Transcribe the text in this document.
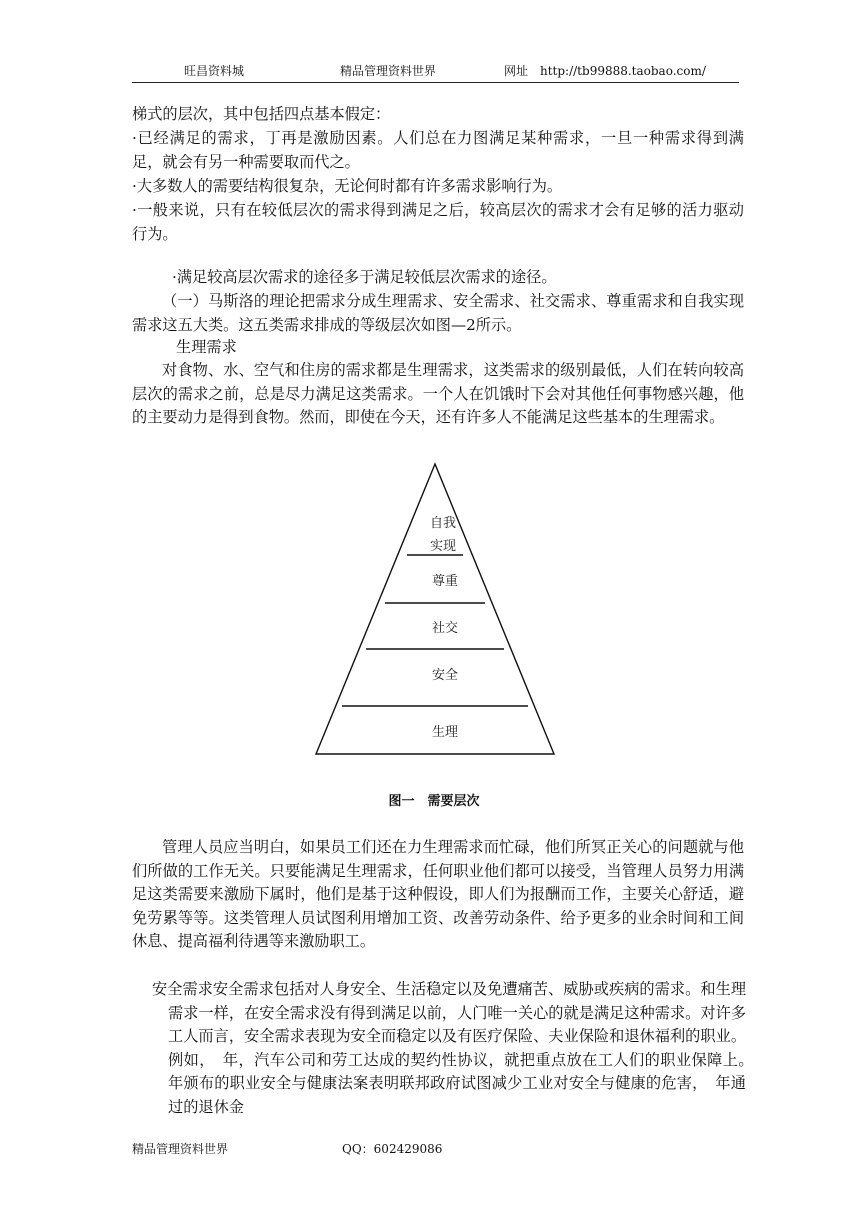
旺昌资料城	精品管理资料世界	网址　http://tb99888.taobao.com/

梯式的层次，其中包括四点基本假定：

·已经满足的需求，丁再是激励因素。人们总在力图满足某种需求，一旦一种需求得到满足，就会有另一种需要取而代之。

·大多数人的需要结构很复杂，无论何时都有许多需求影响行为。

·一般来说，只有在较低层次的需求得到满足之后，较高层次的需求才会有足够的活力驱动行为。

·满足较高层次需求的途径多于满足较低层次需求的途径。

（一）马斯洛的理论把需求分成生理需求、安全需求、社交需求、尊重需求和自我实现需求这五大类。这五类需求排成的等级层次如图—2所示。

生理需求

对食物、水、空气和住房的需求都是生理需求，这类需求的级别最低，人们在转向较高层次的需求之前，总是尽力满足这类需求。一个人在饥饿时下会对其他任何事物感兴趣，他的主要动力是得到食物。然而，即使在今天，还有许多人不能满足这些基本的生理需求。

自我
实现
尊重
社交
安全
生理
图一　需要层次

管理人员应当明白，如果员工们还在力生理需求而忙碌，他们所冥正关心的问题就与他们所做的工作无关。只要能满足生理需求，任何职业他们都可以接受，当管理人员努力用满足这类需要来激励下属时，他们是基于这种假设，即人们为报酬而工作，主要关心舒适，避免劳累等等。这类管理人员试图利用增加工资、改善劳动条件、给予更多的业余时间和工间休息、提高福利待遇等来激励职工。

安全需求安全需求包括对人身安全、生活稳定以及免遭痛苦、威胁或疾病的需求。和生理需求一样，在安全需求没有得到满足以前，人门唯一关心的就是满足这种需求。对许多工人而言，安全需求表现为安全而稳定以及有医疗保险、夫业保险和退休福利的职业。例如，　年，汽车公司和劳工达成的契约性协议，就把重点放在工人们的职业保障上。　年颁布的职业安全与健康法案表明联邦政府试图减少工业对安全与健康的危害，　年通过的退休金

精品管理资料世界	QQ：602429086
